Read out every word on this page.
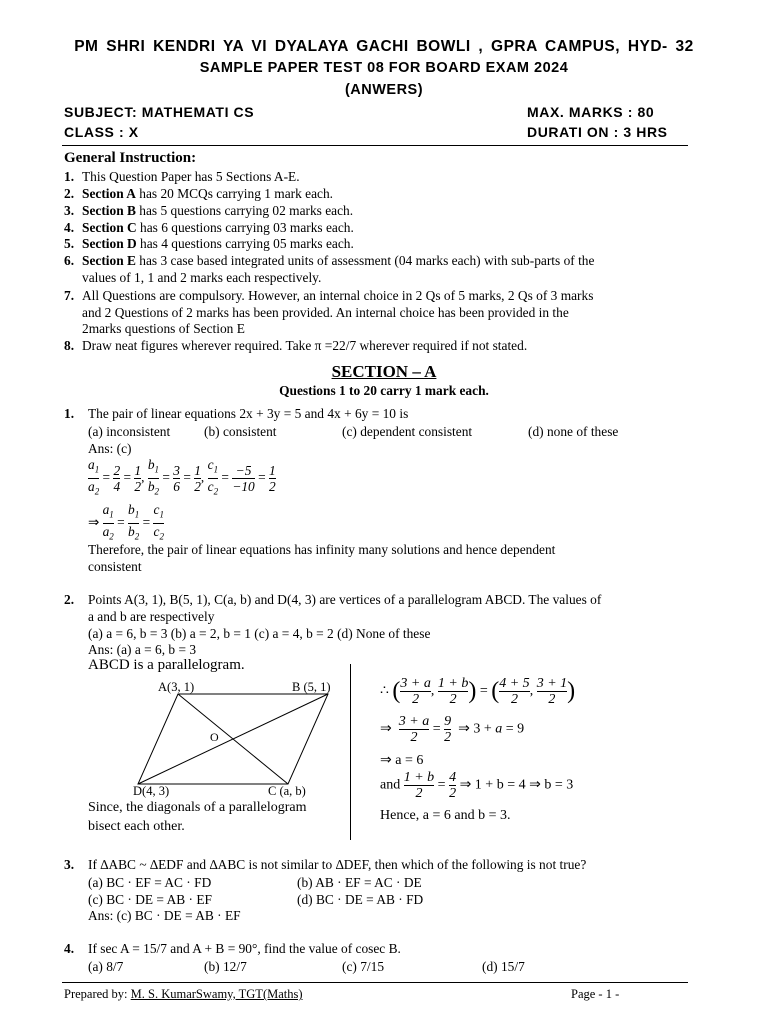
PM SHRI KENDRI YA VI DYALAYA GACHI BOWLI , GPRA CAMPUS, HYD- 32
SAMPLE PAPER TEST 08 FOR BOARD EXAM 2024
(ANWERS)
SUBJECT: MATHEMATI CS	MAX. MARKS : 80
CLASS : X	DURATI ON : 3 HRS
General Instruction:
1. This Question Paper has 5 Sections A-E.
2. Section A has 20 MCQs carrying 1 mark each.
3. Section B has 5 questions carrying 02 marks each.
4. Section C has 6 questions carrying 03 marks each.
5. Section D has 4 questions carrying 05 marks each.
6. Section E has 3 case based integrated units of assessment (04 marks each) with sub-parts of the
values of 1, 1 and 2 marks each respectively.
7. All Questions are compulsory. However, an internal choice in 2 Qs of 5 marks, 2 Qs of 3 marks
and 2 Questions of 2 marks has been provided. An internal choice has been provided in the
2marks questions of Section E
8. Draw neat figures wherever required. Take π =22/7 wherever required if not stated.
SECTION – A
Questions 1 to 20 carry 1 mark each.
1. The pair of linear equations 2x + 3y = 5 and 4x + 6y = 10 is
(a) inconsistent	(b) consistent	(c) dependent consistent	(d) none of these
Ans: (c)
$\frac{a_1}{a_2} = \frac{2}{4} = \frac{1}{2}$ , $\frac{b_1}{b_2} = \frac{3}{6} = \frac{1}{2}$ , $\frac{c_1}{c_2} = \frac{-5}{-10} = \frac{1}{2}$
⇒ $\frac{a_1}{a_2} = \frac{b_1}{b_2} = \frac{c_1}{c_2}$
Therefore, the pair of linear equations has infinity many solutions and hence dependent
consistent
2. Points A(3, 1), B(5, 1), C(a, b) and D(4, 3) are vertices of a parallelogram ABCD. The values of
a and b are respectively
(a) a = 6, b = 3 (b) a = 2, b = 1 (c) a = 4, b = 2 (d) None of these
Ans: (a) a = 6, b = 3
ABCD is a parallelogram.
A(3, 1)	B (5, 1)
O
D(4, 3)	C (a, b)
Since, the diagonals of a parallelogram
bisect each other.
∴ ( $\frac{3 + a}{2}$ , $\frac{1 + b}{2}$ ) = ( $\frac{4 + 5}{2}$ , $\frac{3 + 1}{2}$ )
⇒ $\frac{3 + a}{2} = \frac{9}{2}$ ⇒ 3 + a = 9
⇒ a = 6
and $\frac{1 + b}{2} = \frac{4}{2}$ ⇒ 1 + b = 4 ⇒ b = 3
Hence, a = 6 and b = 3.
3. If ∆ABC ~ ∆EDF and ∆ABC is not similar to ∆DEF, then which of the following is not true?
(a) BC · EF = AC · FD	(b) AB · EF = AC · DE
(c) BC · DE = AB · EF	(d) BC · DE = AB · FD
Ans: (c) BC · DE = AB · EF
4. If sec A = 15/7 and A + B = 90°, find the value of cosec B.
(a) 8/7	(b) 12/7	(c) 7/15	(d) 15/7
Prepared by: M. S. KumarSwamy, TGT(Maths)	Page - 1 -
